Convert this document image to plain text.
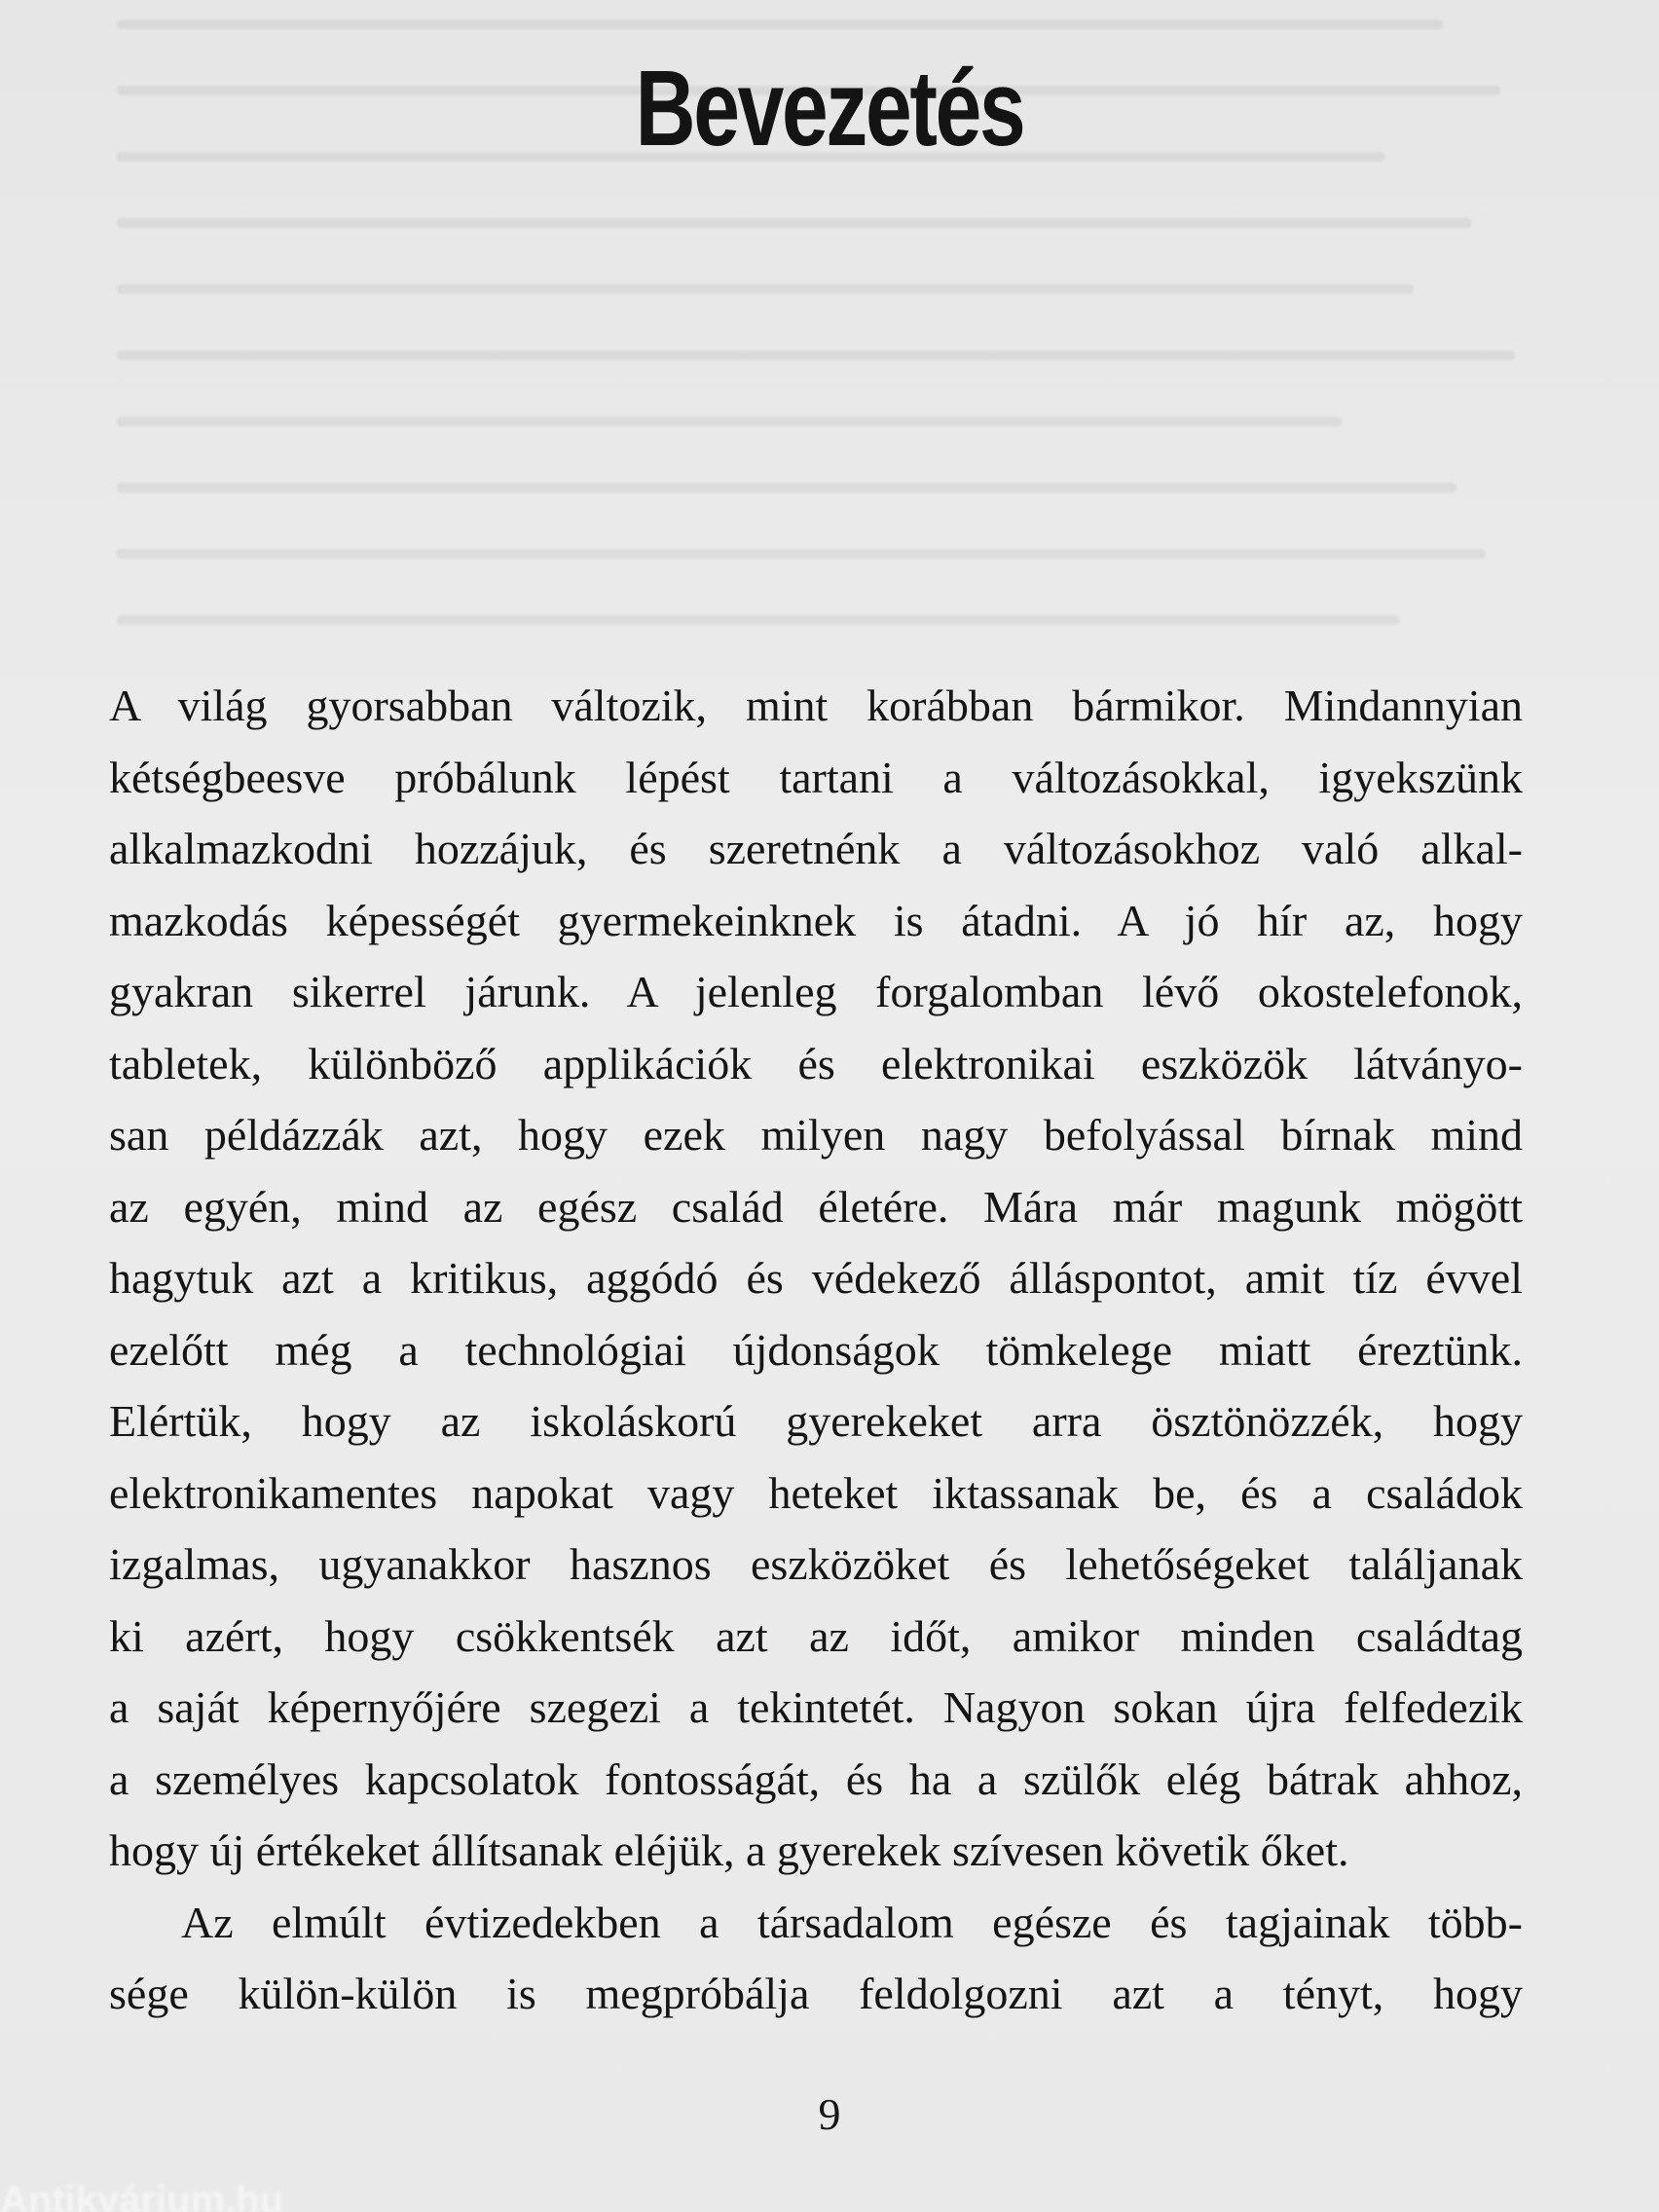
Bevezetés
A világ gyorsabban változik, mint korábban bármikor. Mindannyian
kétségbeesve próbálunk lépést tartani a változásokkal, igyekszünk
alkalmazkodni hozzájuk, és szeretnénk a változásokhoz való alkal-
mazkodás képességét gyermekeinknek is átadni. A jó hír az, hogy
gyakran sikerrel járunk. A jelenleg forgalomban lévő okostelefonok,
tabletek, különböző applikációk és elektronikai eszközök látványo-
san példázzák azt, hogy ezek milyen nagy befolyással bírnak mind
az egyén, mind az egész család életére. Mára már magunk mögött
hagytuk azt a kritikus, aggódó és védekező álláspontot, amit tíz évvel
ezelőtt még a technológiai újdonságok tömkelege miatt éreztünk.
Elértük, hogy az iskoláskorú gyerekeket arra ösztönözzék, hogy
elektronikamentes napokat vagy heteket iktassanak be, és a családok
izgalmas, ugyanakkor hasznos eszközöket és lehetőségeket találjanak
ki azért, hogy csökkentsék azt az időt, amikor minden családtag
a saját képernyőjére szegezi a tekintetét. Nagyon sokan újra felfedezik
a személyes kapcsolatok fontosságát, és ha a szülők elég bátrak ahhoz,
hogy új értékeket állítsanak eléjük, a gyerekek szívesen követik őket.
Az elmúlt évtizedekben a társadalom egésze és tagjainak több-
sége külön-külön is megpróbálja feldolgozni azt a tényt, hogy
9
Antikvárium.hu
